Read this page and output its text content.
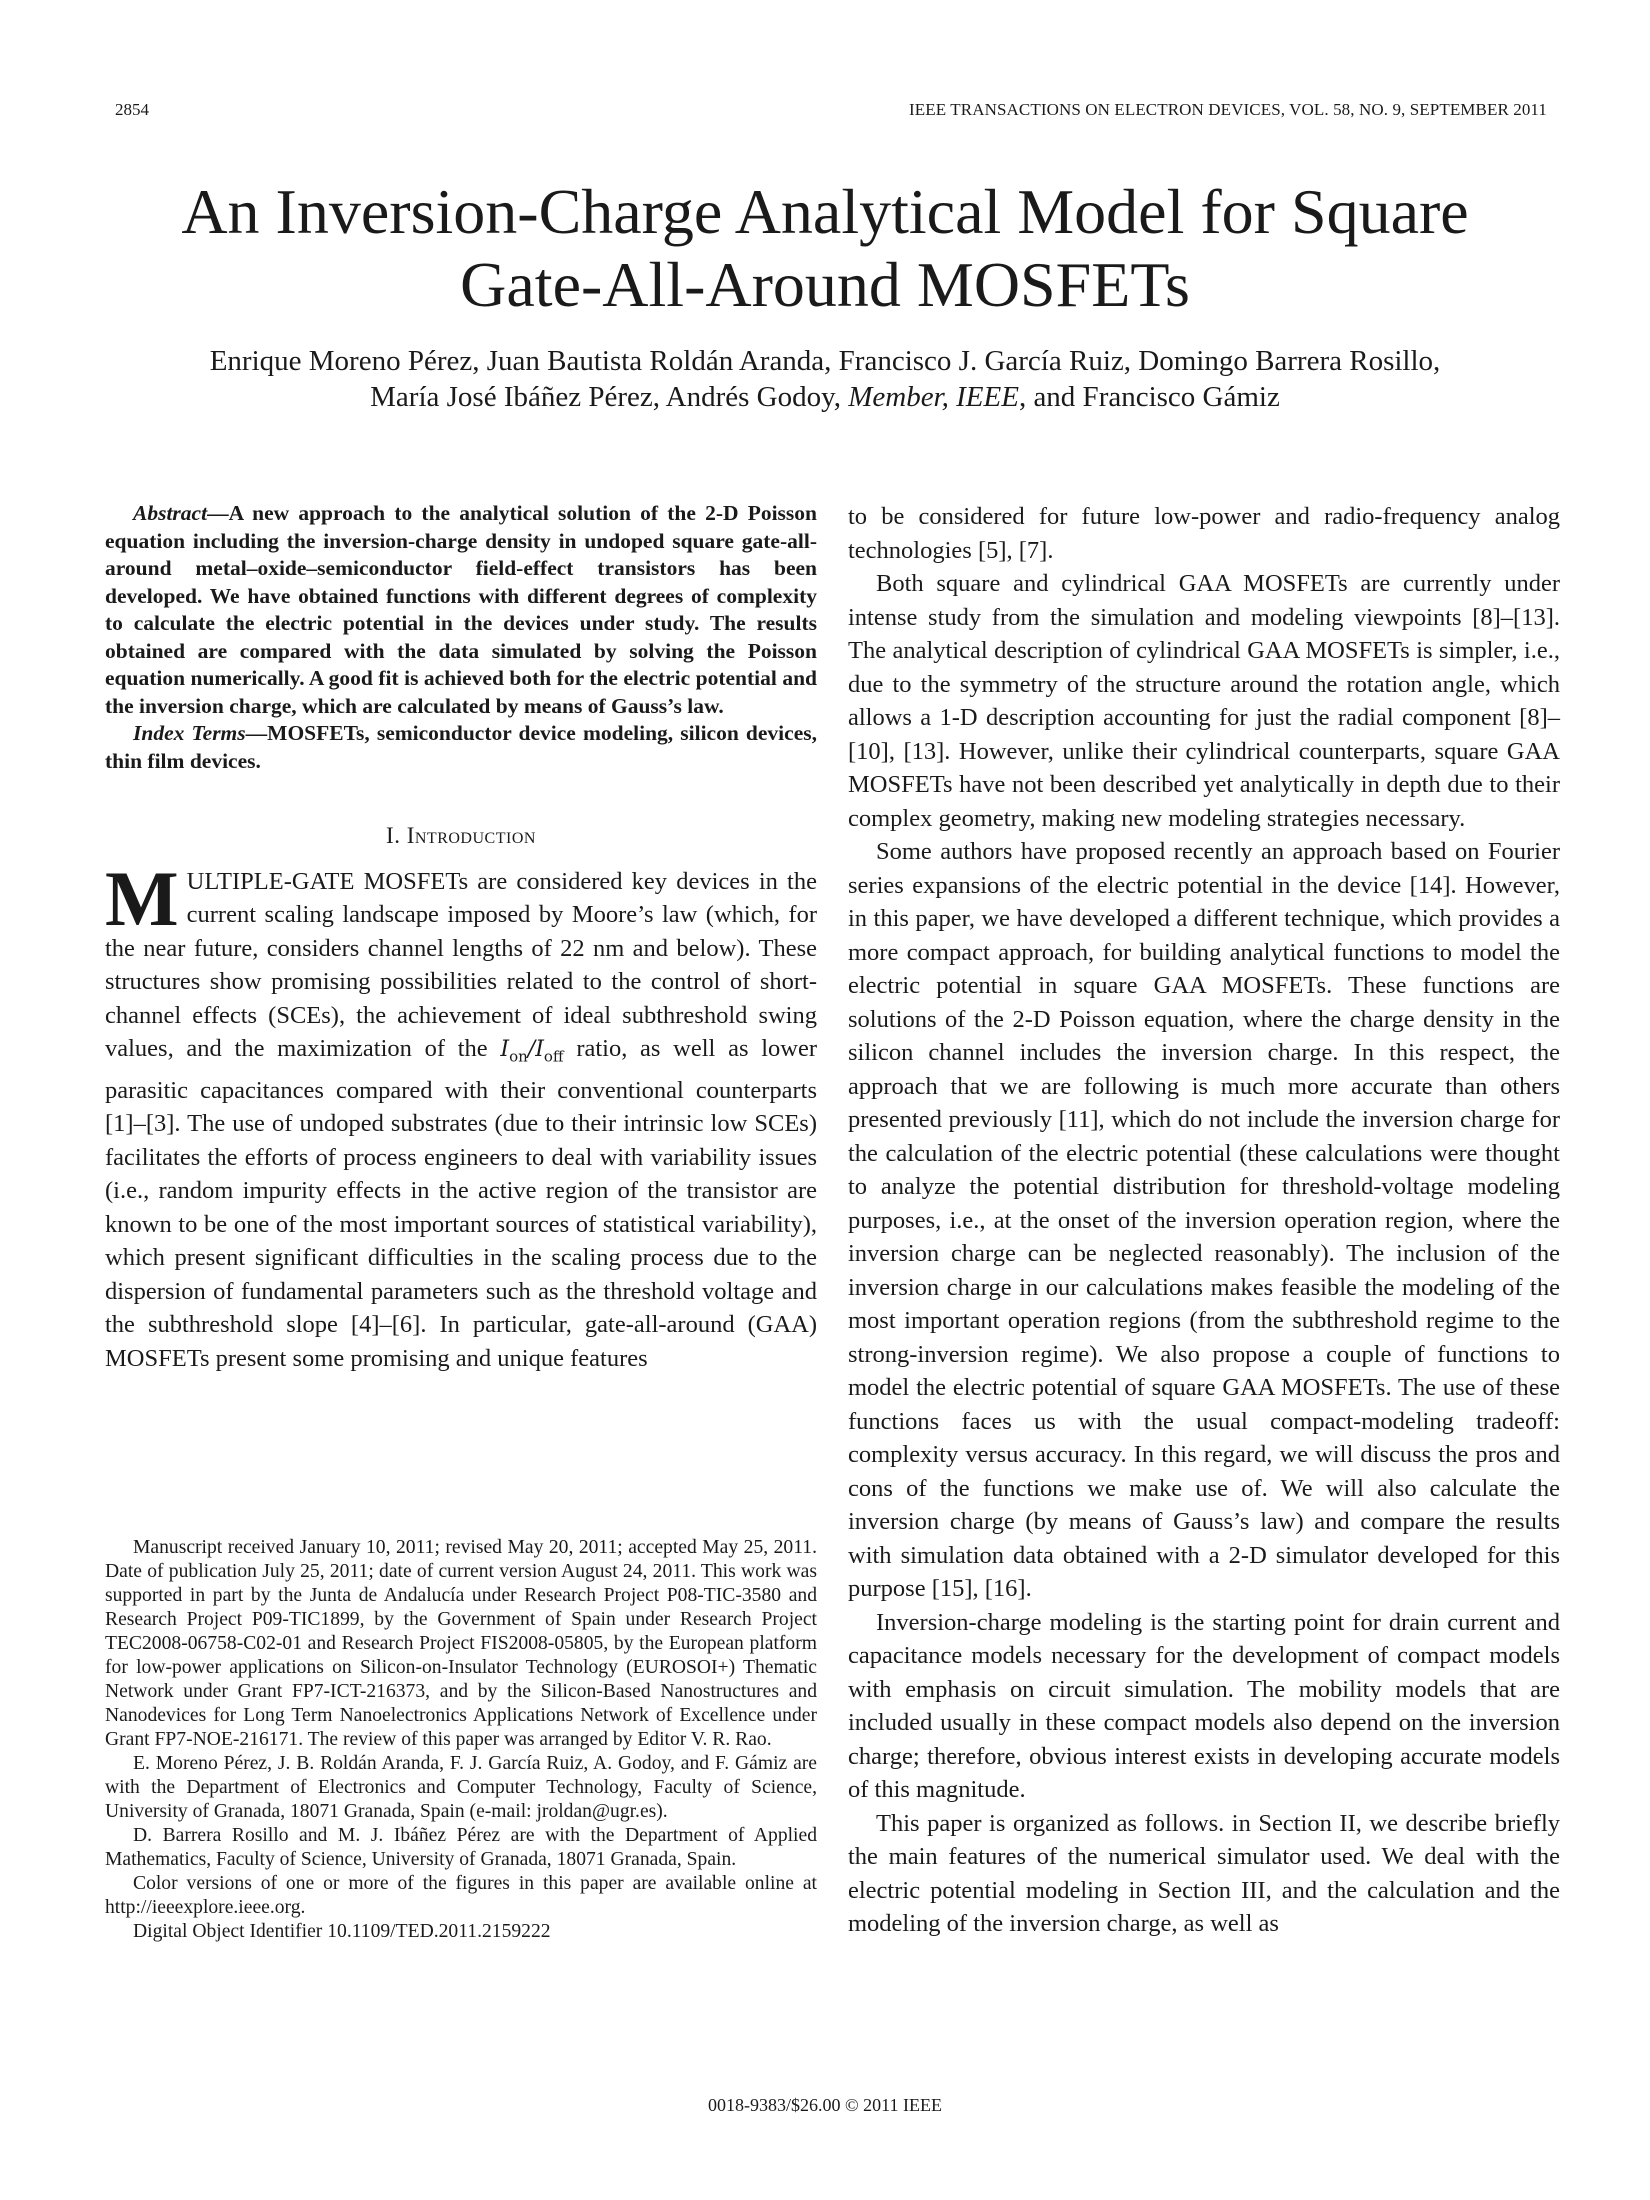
2854	IEEE TRANSACTIONS ON ELECTRON DEVICES, VOL. 58, NO. 9, SEPTEMBER 2011
An Inversion-Charge Analytical Model for Square
Gate-All-Around MOSFETs
Enrique Moreno Pérez, Juan Bautista Roldán Aranda, Francisco J. García Ruiz, Domingo Barrera Rosillo,
María José Ibáñez Pérez, Andrés Godoy, Member, IEEE, and Francisco Gámiz

Abstract—A new approach to the analytical solution of the 2-D Poisson equation including the inversion-charge density in undoped square gate-all-around metal–oxide–semiconductor field-effect transistors has been developed. We have obtained functions with different degrees of complexity to calculate the electric potential in the devices under study. The results obtained are compared with the data simulated by solving the Poisson equation numerically. A good fit is achieved both for the electric potential and the inversion charge, which are calculated by means of Gauss’s law.

Index Terms—MOSFETs, semiconductor device modeling, silicon devices, thin film devices.

I. Introduction

MULTIPLE-GATE MOSFETs are considered key devices in the current scaling landscape imposed by Moore’s law (which, for the near future, considers channel lengths of 22 nm and below). These structures show promising possibilities related to the control of short-channel effects (SCEs), the achievement of ideal subthreshold swing values, and the maximization of the $I_{on}/I_{off}$ ratio, as well as lower parasitic capacitances compared with their conventional counterparts [1]–[3]. The use of undoped substrates (due to their intrinsic low SCEs) facilitates the efforts of process engineers to deal with variability issues (i.e., random impurity effects in the active region of the transistor are known to be one of the most important sources of statistical variability), which present significant difficulties in the scaling process due to the dispersion of fundamental parameters such as the threshold voltage and the subthreshold slope [4]–[6]. In particular, gate-all-around (GAA) MOSFETs present some promising and unique features

Manuscript received January 10, 2011; revised May 20, 2011; accepted May 25, 2011. Date of publication July 25, 2011; date of current version August 24, 2011. This work was supported in part by the Junta de Andalucía under Research Project P08-TIC-3580 and Research Project P09-TIC1899, by the Government of Spain under Research Project TEC2008-06758-C02-01 and Research Project FIS2008-05805, by the European platform for low-power applications on Silicon-on-Insulator Technology (EUROSOI+) Thematic Network under Grant FP7-ICT-216373, and by the Silicon-Based Nanostructures and Nanodevices for Long Term Nanoelectronics Applications Network of Excellence under Grant FP7-NOE-216171. The review of this paper was arranged by Editor V. R. Rao.

E. Moreno Pérez, J. B. Roldán Aranda, F. J. García Ruiz, A. Godoy, and F. Gámiz are with the Department of Electronics and Computer Technology, Faculty of Science, University of Granada, 18071 Granada, Spain (e-mail: jroldan@ugr.es).

D. Barrera Rosillo and M. J. Ibáñez Pérez are with the Department of Applied Mathematics, Faculty of Science, University of Granada, 18071 Granada, Spain.

Color versions of one or more of the figures in this paper are available online at http://ieeexplore.ieee.org.

Digital Object Identifier 10.1109/TED.2011.2159222

to be considered for future low-power and radio-frequency analog technologies [5], [7].

Both square and cylindrical GAA MOSFETs are currently under intense study from the simulation and modeling viewpoints [8]–[13]. The analytical description of cylindrical GAA MOSFETs is simpler, i.e., due to the symmetry of the structure around the rotation angle, which allows a 1-D description accounting for just the radial component [8]–[10], [13]. However, unlike their cylindrical counterparts, square GAA MOSFETs have not been described yet analytically in depth due to their complex geometry, making new modeling strategies necessary.

Some authors have proposed recently an approach based on Fourier series expansions of the electric potential in the device [14]. However, in this paper, we have developed a different technique, which provides a more compact approach, for building analytical functions to model the electric potential in square GAA MOSFETs. These functions are solutions of the 2-D Poisson equation, where the charge density in the silicon channel includes the inversion charge. In this respect, the approach that we are following is much more accurate than others presented previously [11], which do not include the inversion charge for the calculation of the electric potential (these calculations were thought to analyze the potential distribution for threshold-voltage modeling purposes, i.e., at the onset of the inversion operation region, where the inversion charge can be neglected reasonably). The inclusion of the inversion charge in our calculations makes feasible the modeling of the most important operation regions (from the subthreshold regime to the strong-inversion regime). We also propose a couple of functions to model the electric potential of square GAA MOSFETs. The use of these functions faces us with the usual compact-modeling tradeoff: complexity versus accuracy. In this regard, we will discuss the pros and cons of the functions we make use of. We will also calculate the inversion charge (by means of Gauss’s law) and compare the results with simulation data obtained with a 2-D simulator developed for this purpose [15], [16].

Inversion-charge modeling is the starting point for drain current and capacitance models necessary for the development of compact models with emphasis on circuit simulation. The mobility models that are included usually in these compact models also depend on the inversion charge; therefore, obvious interest exists in developing accurate models of this magnitude.

This paper is organized as follows. in Section II, we describe briefly the main features of the numerical simulator used. We deal with the electric potential modeling in Section III, and the calculation and the modeling of the inversion charge, as well as

0018-9383/$26.00 © 2011 IEEE
